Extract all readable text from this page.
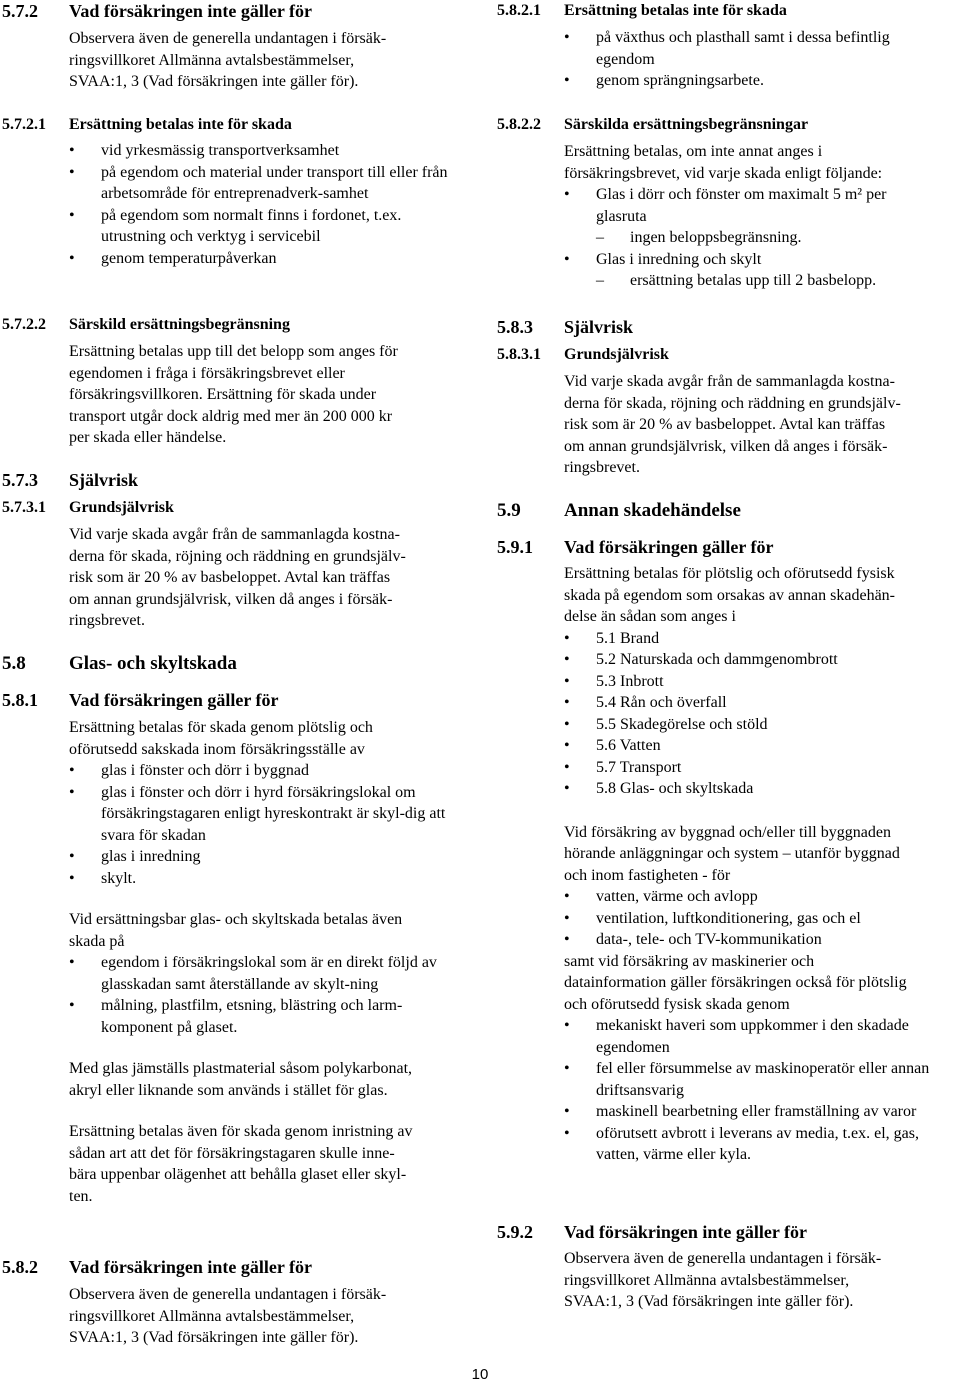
5.7.2	Vad försäkringen inte gäller för

Observera även de generella undantagen i försäk-

ringsvillkoret Allmänna avtalsbestämmelser,

SVAA:1, 3 (Vad försäkringen inte gäller för).

5.7.2.1	Ersättning betalas inte för skada
• vid yrkesmässig transportverksamhet
• på egendom och material under transport till eller från arbetsområde för entreprenadverk-samhet
• på egendom som normalt finns i fordonet, t.ex. utrustning och verktyg i servicebil
• genom temperaturpåverkan
5.7.2.2	Särskild ersättningsbegränsning

Ersättning betalas upp till det belopp som anges för

egendomen i fråga i försäkringsbrevet eller

försäkringsvillkoren. Ersättning för skada under

transport utgår dock aldrig med mer än 200 000 kr

per skada eller händelse.

5.7.3	Självrisk
5.7.3.1	Grundsjälvrisk

Vid varje skada avgår från de sammanlagda kostna-

derna för skada, röjning och räddning en grundsjälv-

risk som är 20 % av basbeloppet. Avtal kan träffas

om annan grundsjälvrisk, vilken då anges i försäk-

ringsbrevet.

5.8	Glas- och skyltskada
5.8.1	Vad försäkringen gäller för

Ersättning betalas för skada genom plötslig och

oförutsedd sakskada inom försäkringsställe av

• glas i fönster och dörr i byggnad
• glas i fönster och dörr i hyrd försäkringslokal om försäkringstagaren enligt hyreskontrakt är skyl-dig att svara för skadan
• glas i inredning
• skylt.

Vid ersättningsbar glas- och skyltskada betalas även

skada på

• egendom i försäkringslokal som är en direkt följd av glasskadan samt återställande av skylt-ning
• målning, plastfilm, etsning, blästring och larm-komponent på glaset.

Med glas jämställs plastmaterial såsom polykarbonat,

akryl eller liknande som används i stället för glas.

Ersättning betalas även för skada genom inristning av

sådan art att det för försäkringstagaren skulle inne-

bära uppenbar olägenhet att behålla glaset eller skyl-

ten.

5.8.2	Vad försäkringen inte gäller för

Observera även de generella undantagen i försäk-

ringsvillkoret Allmänna avtalsbestämmelser,

SVAA:1, 3 (Vad försäkringen inte gäller för).

5.8.2.1	Ersättning betalas inte för skada
• på växthus och plasthall samt i dessa befintlig egendom
• genom sprängningsarbete.
5.8.2.2	Särskilda ersättningsbegränsningar

Ersättning betalas, om inte annat anges i

försäkringsbrevet, vid varje skada enligt följande:

• Glas i dörr och fönster om maximalt 5 m² per glasruta
– ingen beloppsbegränsning.
• Glas i inredning och skylt
– ersättning betalas upp till 2 basbelopp.
5.8.3	Självrisk
5.8.3.1	Grundsjälvrisk

Vid varje skada avgår från de sammanlagda kostna-

derna för skada, röjning och räddning en grundsjälv-

risk som är 20 % av basbeloppet. Avtal kan träffas

om annan grundsjälvrisk, vilken då anges i försäk-

ringsbrevet.

5.9	Annan skadehändelse
5.9.1	Vad försäkringen gäller för

Ersättning betalas för plötslig och oförutsedd fysisk

skada på egendom som orsakas av annan skadehän-

delse än sådan som anges i

• 5.1 Brand
• 5.2 Naturskada och dammgenombrott
• 5.3 Inbrott
• 5.4 Rån och överfall
• 5.5 Skadegörelse och stöld
• 5.6 Vatten
• 5.7 Transport
• 5.8 Glas- och skyltskada

Vid försäkring av byggnad och/eller till byggnaden

hörande anläggningar och system – utanför byggnad

och inom fastigheten - för

• vatten, värme och avlopp
• ventilation, luftkonditionering, gas och el
• data-, tele- och TV-kommunikation

samt vid försäkring av maskinerier och

datainformation gäller försäkringen också för plötslig

och oförutsedd fysisk skada genom

• mekaniskt haveri som uppkommer i den skadade egendomen
• fel eller försummelse av maskinoperatör eller annan driftsansvarig
• maskinell bearbetning eller framställning av varor
• oförutsett avbrott i leverans av media, t.ex. el, gas, vatten, värme eller kyla.
5.9.2	Vad försäkringen inte gäller för

Observera även de generella undantagen i försäk-

ringsvillkoret Allmänna avtalsbestämmelser,

SVAA:1, 3 (Vad försäkringen inte gäller för).

10
